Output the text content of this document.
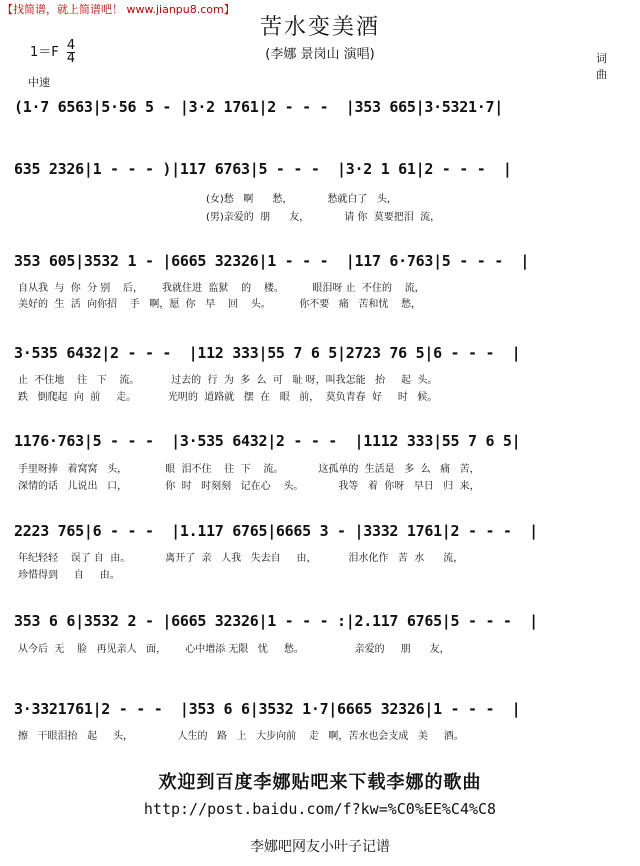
【找简谱，就上简谱吧！ www.jianpu8.com】
苦水变美酒
(李娜 景岗山 演唱)
$1=F \frac{4}{4}$
中速
词
曲
(1·7 6563|5·56 5 - |3·2 1761|2 - - -  |353 665|3·5321·7|
635 2326|1 - - - )|117 6763|5 - - -  |3·2 1 61|2 - - -  |
(女)愁   啊      愁，           愁就白了   头，
(男)亲爱的  朋      友，           请 你  莫要把泪  流，
353 605|3532 1 - |6665 32326|1 - - -  |117 6·763|5 - - -  |
自从我  与  你  分 别    后，      我就住进  监狱    的    楼。         眼泪呀 止  不住的    流，
美好的  生  活  向你招    手   啊，愿  你   早    回    头。         你不要   痛   苦和忧    愁，
3·535 6432|2 - - -  |112 333|55 7 6 5|2723 76 5|6 - - -  |
止  不住地    往   下    流。          过去的  行  为  多  么  可   耻 呀，叫我怎能   抬     起  头。
跌   倒爬起  向  前     走。          光明的  道路就   摆  在   眼   前，  莫负青春  好     时   候。
1176·763|5 - - -  |3·535 6432|2 - - -  |1112 333|55 7 6 5|
手里呀捧   着窝窝   头，            眼  泪不住    往  下    流。           这孤单的  生活是   多  么   痛   苦，
深情的话   儿说出   口，            你  时   时刻刻   记在心    头。           我等   着  你呀   早日   归  来，
2223 765|6 - - -  |1.117 6765|6665 3 - |3332 1761|2 - - -  |
年纪轻轻    误了 自  由。           离开了  亲   人我   失去自     由，          泪水化作   苦  水      流，
珍惜得到     自     由。
353 6 6|3532 2 - |6665 32326|1 - - - :|2.117 6765|5 - - -  |
从今后  无    脸   再见亲人   面，      心中增添 无限   忧     愁。                亲爱的     朋      友，
3·3321761|2 - - -  |353 6 6|3532 1·7|6665 32326|1 - - -  |
擦   干眼泪抬   起     头，              人生的   路   上   大步向前    走   啊，苦水也会支成   美     酒。
欢迎到百度李娜贴吧来下载李娜的歌曲
http://post.baidu.com/f?kw=%C0%EE%C4%C8
李娜吧网友小叶子记谱
